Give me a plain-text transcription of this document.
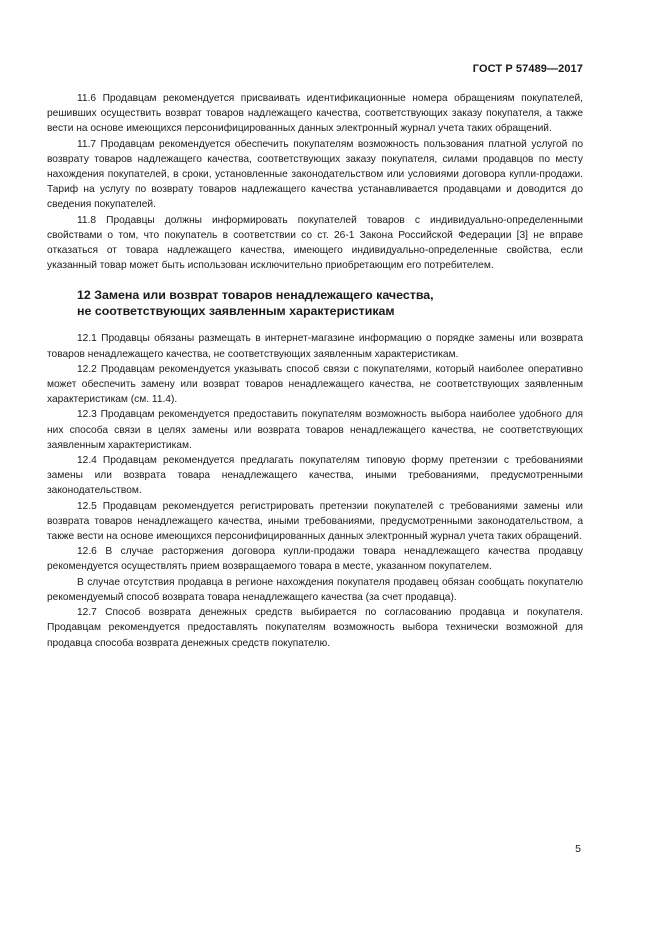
ГОСТ Р 57489—2017

11.6 Продавцам рекомендуется присваивать идентификационные номера обращениям покупателей, решивших осуществить возврат товаров надлежащего качества, соответствующих заказу покупателя, а также вести на основе имеющихся персонифицированных данных электронный журнал учета таких обращений.

11.7 Продавцам рекомендуется обеспечить покупателям возможность пользования платной услугой по возврату товаров надлежащего качества, соответствующих заказу покупателя, силами продавцов по месту нахождения покупателей, в сроки, установленные законодательством или условиями договора купли-продажи. Тариф на услугу по возврату товаров надлежащего качества устанавливается продавцами и доводится до сведения покупателей.

11.8 Продавцы должны информировать покупателей товаров с индивидуально-определенными свойствами о том, что покупатель в соответствии со ст. 26-1 Закона Российской Федерации [3] не вправе отказаться от товара надлежащего качества, имеющего индивидуально-определенные свойства, если указанный товар может быть использован исключительно приобретающим его потребителем.

12 Замена или возврат товаров ненадлежащего качества,
не соответствующих заявленным характеристикам

12.1 Продавцы обязаны размещать в интернет-магазине информацию о порядке замены или возврата товаров ненадлежащего качества, не соответствующих заявленным характеристикам.

12.2 Продавцам рекомендуется указывать способ связи с покупателями, который наиболее оперативно может обеспечить замену или возврат товаров ненадлежащего качества, не соответствующих заявленным характеристикам (см. 11.4).

12.3 Продавцам рекомендуется предоставить покупателям возможность выбора наиболее удобного для них способа связи в целях замены или возврата товаров ненадлежащего качества, не соответствующих заявленным характеристикам.

12.4 Продавцам рекомендуется предлагать покупателям типовую форму претензии с требованиями замены или возврата товара ненадлежащего качества, иными требованиями, предусмотренными законодательством.

12.5 Продавцам рекомендуется регистрировать претензии покупателей с требованиями замены или возврата товаров ненадлежащего качества, иными требованиями, предусмотренными законодательством, а также вести на основе имеющихся персонифицированных данных электронный журнал учета таких обращений.

12.6 В случае расторжения договора купли-продажи товара ненадлежащего качества продавцу рекомендуется осуществлять прием возвращаемого товара в месте, указанном покупателем.

В случае отсутствия продавца в регионе нахождения покупателя продавец обязан сообщать покупателю рекомендуемый способ возврата товара ненадлежащего качества (за счет продавца).

12.7 Способ возврата денежных средств выбирается по согласованию продавца и покупателя. Продавцам рекомендуется предоставлять покупателям возможность выбора технически возможной для продавца способа возврата денежных средств покупателю.

5
